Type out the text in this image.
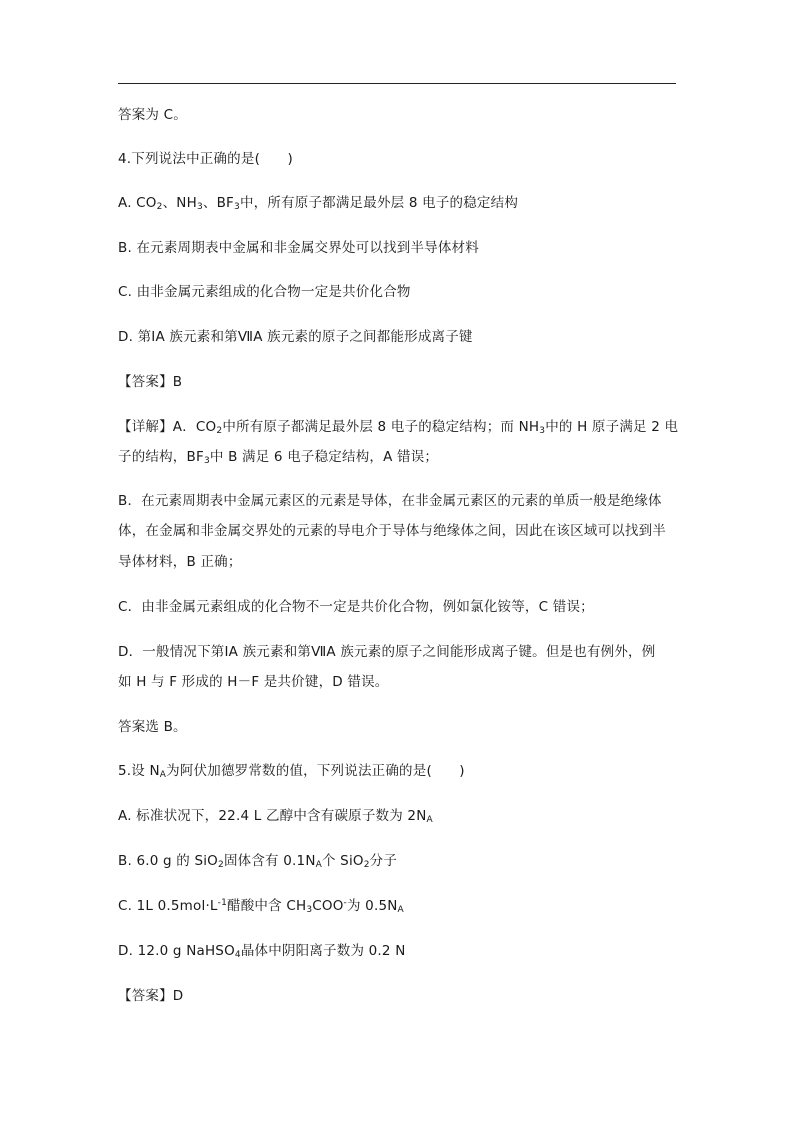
答案为 C。
4.下列说法中正确的是(　　)
A. $CO_2$、$NH_3$、$BF_3$中，所有原子都满足最外层 8 电子的稳定结构
B. 在元素周期表中金属和非金属交界处可以找到半导体材料
C. 由非金属元素组成的化合物一定是共价化合物
D. 第ⅠA 族元素和第ⅦA 族元素的原子之间都能形成离子键
【答案】B
【详解】A．$CO_2$中所有原子都满足最外层 8 电子的稳定结构；而 $NH_3$中的 H 原子满足 2 电
子的结构，$BF_3$中 B 满足 6 电子稳定结构，A 错误；
B．在元素周期表中金属元素区的元素是导体，在非金属元素区的元素的单质一般是绝缘体
体，在金属和非金属交界处的元素的导电介于导体与绝缘体之间，因此在该区域可以找到半
导体材料，B 正确；
C．由非金属元素组成的化合物不一定是共价化合物，例如氯化铵等，C 错误；
D．一般情况下第ⅠA 族元素和第ⅦA 族元素的原子之间能形成离子键。但是也有例外，例
如 H 与 F 形成的 H－F 是共价键，D 错误。
答案选 B。
5.设 $N_A$为阿伏加德罗常数的值，下列说法正确的是(　　)
A. 标准状况下，22.4 L 乙醇中含有碳原子数为 $2N_A$
B. 6.0 g 的 SiO$_2$固体含有 $0.1N_A$个 SiO$_2$分子
C. 1L $0.5mol\cdot L^{-1}$醋酸中含 $CH_3COO^-$为 $0.5N_A$
D. 12.0 g NaHSO$_4$晶体中阴阳离子数为 0.2 N
【答案】D
